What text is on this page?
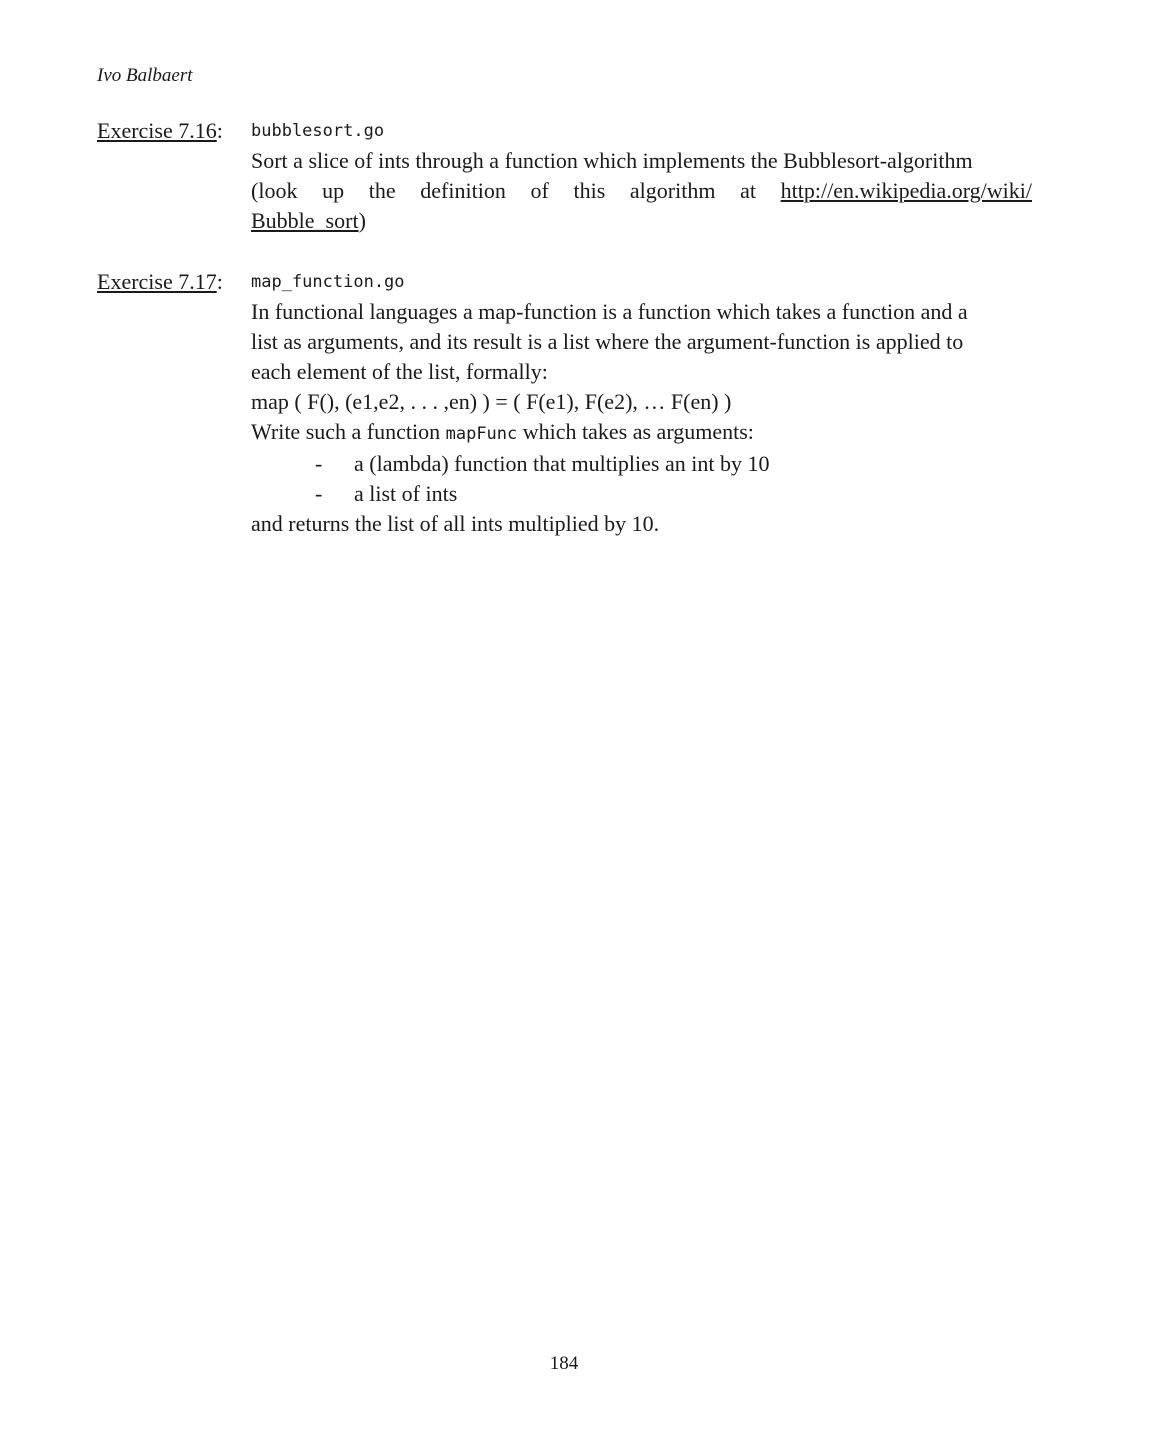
Ivo Balbaert
Exercise 7.16: bubblesort.go
Sort a slice of ints through a function which implements the Bubblesort-algorithm
(look up the definition of this algorithm at http://en.wikipedia.org/wiki/
Bubble_sort)
Exercise 7.17: map_function.go
In functional languages a map-function is a function which takes a function and a
list as arguments, and its result is a list where the argument-function is applied to
each element of the list, formally:
map ( F(), (e1,e2, . . . ,en) ) = ( F(e1), F(e2), … F(en) )
Write such a function mapFunc which takes as arguments:
- a (lambda) function that multiplies an int by 10
- a list of ints
and returns the list of all ints multiplied by 10.
184
